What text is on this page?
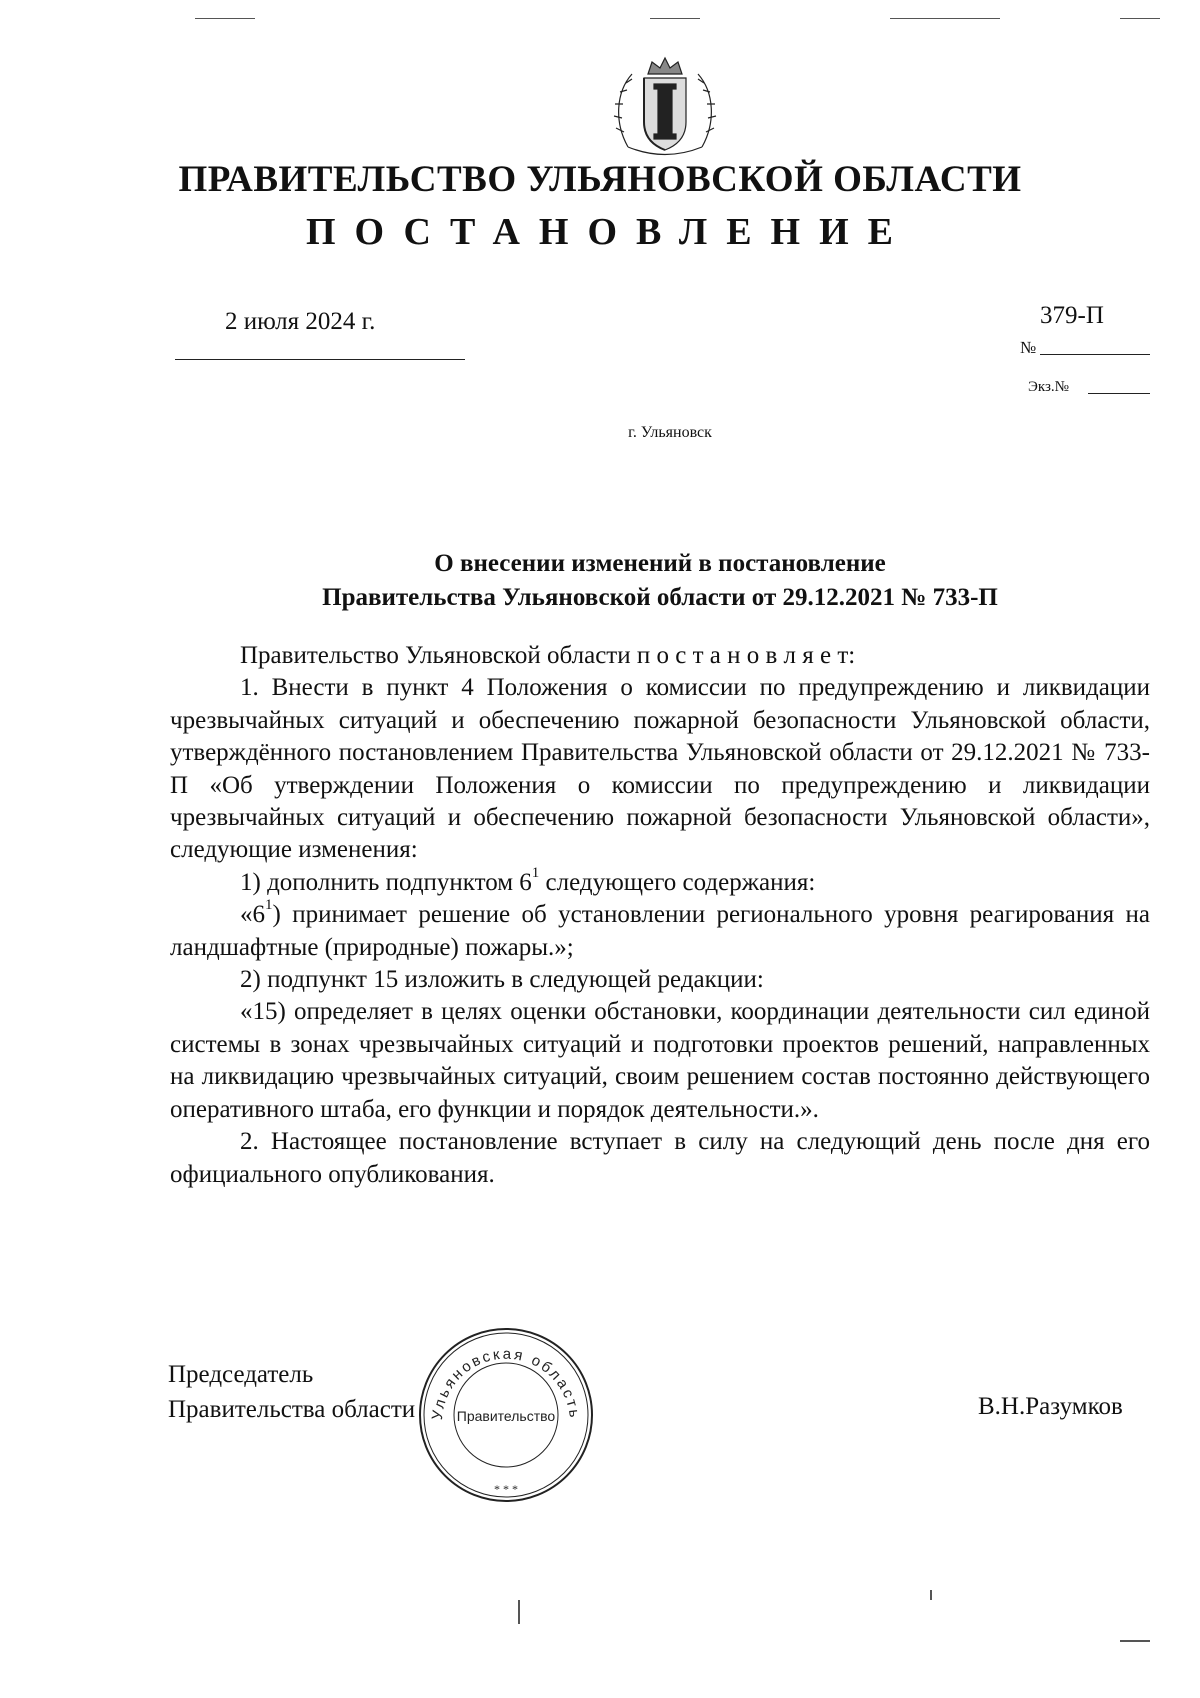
ПРАВИТЕЛЬСТВО УЛЬЯНОВСКОЙ ОБЛАСТИ
ПОСТАНОВЛЕНИЕ
2 июля 2024 г.	379-П
№
Экз.№
г. Ульяновск
О внесении изменений в постановление
Правительства Ульяновской области от 29.12.2021 № 733-П

Правительство Ульяновской области п о с т а н о в л я е т:

1. Внести в пункт 4 Положения о комиссии по предупреждению и ликвидации чрезвычайных ситуаций и обеспечению пожарной безопасности Ульяновской области, утверждённого постановлением Правительства Ульяновской области от 29.12.2021 № 733-П «Об утверждении Положения о комиссии по предупреждению и ликвидации чрезвычайных ситуаций и обеспечению пожарной безопасности Ульяновской области», следующие изменения:

1) дополнить подпунктом $6^1$ следующего содержания:

«$6^1$) принимает решение об установлении регионального уровня реагирования на ландшафтные (природные) пожары.»;

2) подпункт 15 изложить в следующей редакции:

«15) определяет в целях оценки обстановки, координации деятельности сил единой системы в зонах чрезвычайных ситуаций и подготовки проектов решений, направленных на ликвидацию чрезвычайных ситуаций, своим решением состав постоянно действующего оперативного штаба, его функции и порядок деятельности.».

2. Настоящее постановление вступает в силу на следующий день после дня его официального опубликования.

Председатель
Правительства области	В.Н.Разумков
Ульяновская область
Правительство
* * *
